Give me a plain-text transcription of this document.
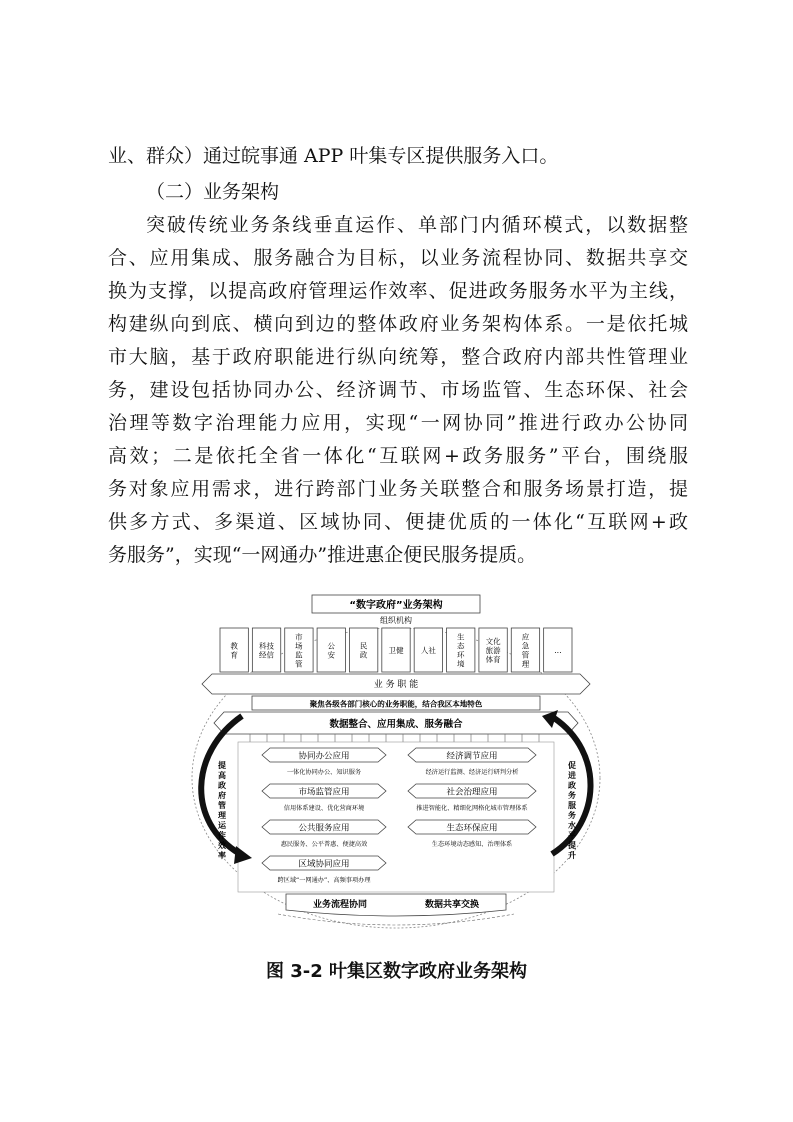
业、群众）通过皖事通 APP 叶集专区提供服务入口。
（二）业务架构
突破传统业务条线垂直运作、单部门内循环模式，以数据整
合、应用集成、服务融合为目标，以业务流程协同、数据共享交
换为支撑，以提高政府管理运作效率、促进政务服务水平为主线，
构建纵向到底、横向到边的整体政府业务架构体系。一是依托城
市大脑，基于政府职能进行纵向统筹，整合政府内部共性管理业
务，建设包括协同办公、经济调节、市场监管、生态环保、社会
治理等数字治理能力应用，实现“一网协同”推进行政办公协同
高效；二是依托全省一体化“互联网+政务服务”平台，围绕服
务对象应用需求，进行跨部门业务关联整合和服务场景打造，提
供多方式、多渠道、区域协同、便捷优质的一体化“互联网+政
务服务”，实现“一网通办”推进惠企便民服务提质。
“数字政府”业务架构
组织机构
教
育
科技
经信
市
场
监
管
公
安
民
政	卫健 人社
生
态
环
境
文化
旅游
体育
应
急
管
理
…
业 务 职 能
聚焦各级各部门核心的业务职能，结合我区本地特色
数据整合、应用集成、服务融合
协同办公应用
一体化协同办公、知识服务
市场监管应用
信用体系建设、优化营商环境
公共服务应用
惠民服务、公平普惠、便捷高效
区域协同应用
跨区域“一网通办”、高频事项办理
经济调节应用
经济运行监测、经济运行研判分析
社会治理应用
推进智能化、精细化网格化城市管理体系
生态环保应用
生态环境动态感知、治理体系
提
高
政
府
管
理
运
作
效
率
促
进
政
务
服
务
水
平
提
升
业务流程协同	数据共享交换
图 3-2 叶集区数字政府业务架构
